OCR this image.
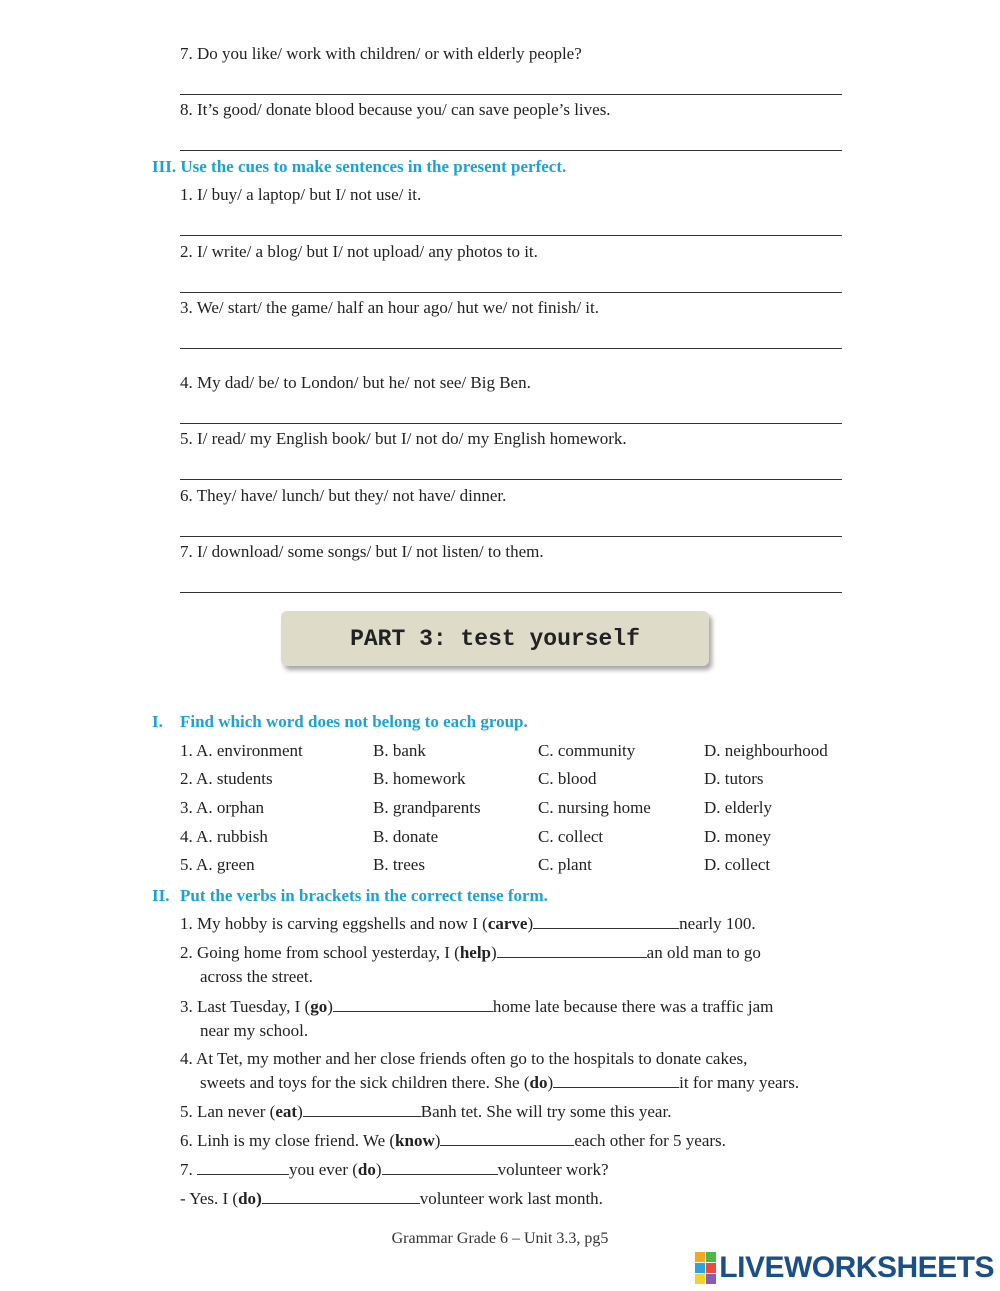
7. Do you like/ work with children/ or with elderly people?
8. It’s good/ donate blood because you/ can save people’s lives.
III. Use the cues to make sentences in the present perfect.
1. I/ buy/ a laptop/ but I/ not use/ it.
2. I/ write/ a blog/ but I/ not upload/ any photos to it.
3. We/ start/ the game/ half an hour ago/ hut we/ not finish/ it.
4. My dad/ be/ to London/ but he/ not see/ Big Ben.
5. I/ read/ my English book/ but I/ not do/ my English homework.
6. They/ have/ lunch/ but they/ not have/ dinner.
7. I/ download/ some songs/ but I/ not listen/ to them.
PART 3: test yourself
I. Find which word does not belong to each group.
1. A. environment	B. bank	C. community	D. neighbourhood
2. A. students	B. homework	C. blood	D. tutors
3. A. orphan	B. grandparents	C. nursing home	D. elderly
4. A. rubbish	B. donate	C. collect	D. money
5. A. green	B. trees	C. plant	D. collect
II. Put the verbs in brackets in the correct tense form.
1. My hobby is carving eggshells and now I (carve)	nearly 100.
2. Going home from school yesterday, I (help)	an old man to go
across the street.
3. Last Tuesday, I (go)	home late because there was a traffic jam
near my school.
4. At Tet, my mother and her close friends often go to the hospitals to donate cakes,
sweets and toys for the sick children there. She (do)	it for many years.
5. Lan never (eat)	Banh tet. She will try some this year.
6. Linh is my close friend. We (know)	each other for 5 years.
7.	you ever (do)	volunteer work?
- Yes. I (do)	volunteer work last month.
Grammar Grade 6 – Unit 3.3, pg5
LIVEWORKSHEETS
